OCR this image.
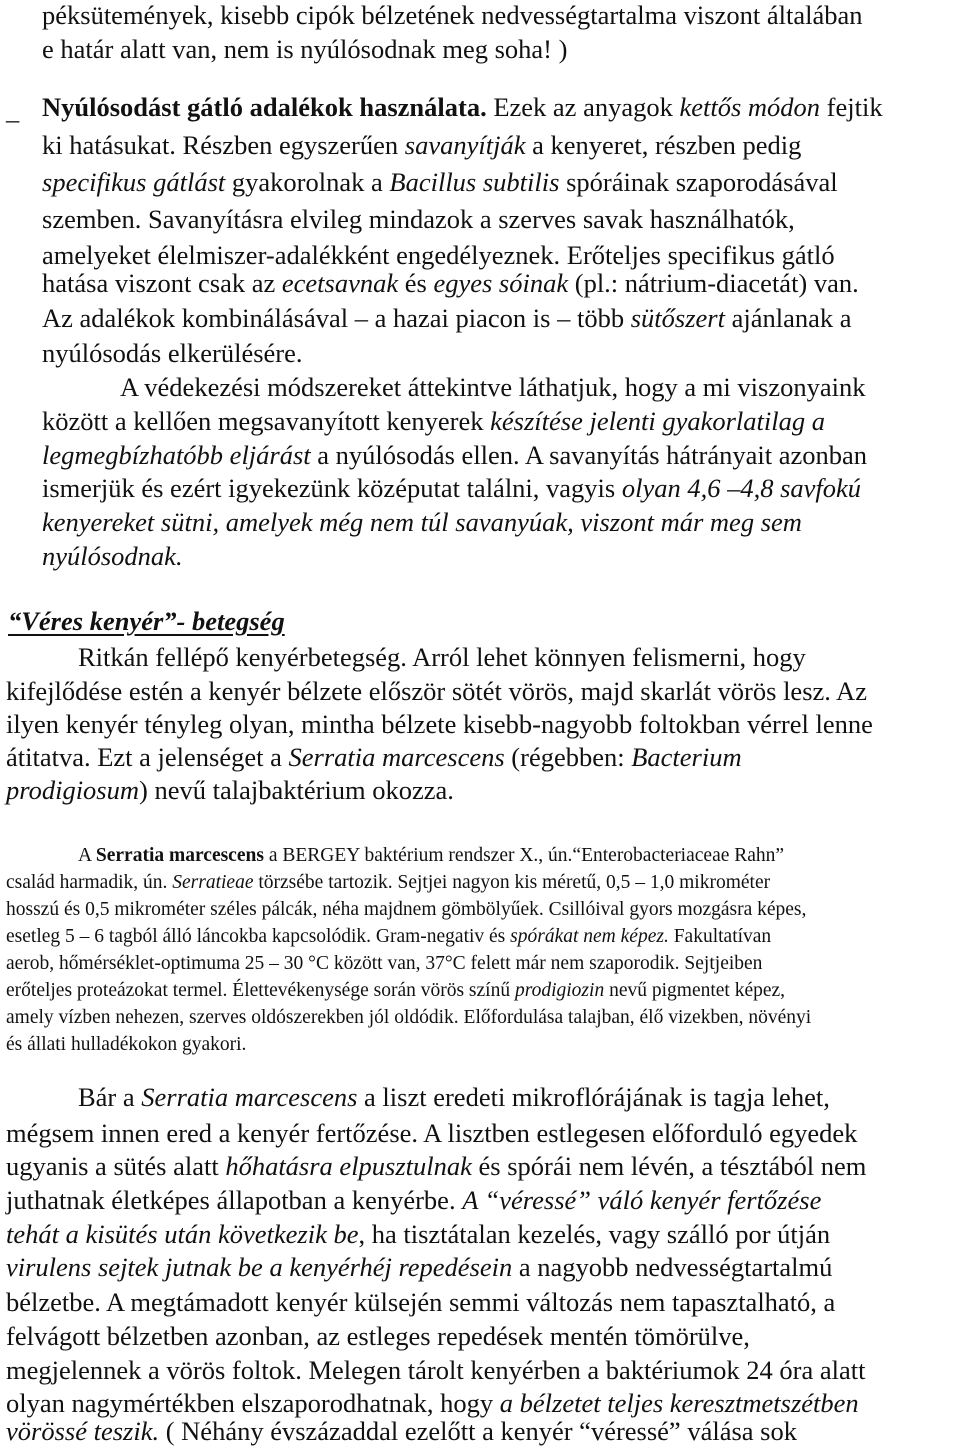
péksütemények, kisebb cipók bélzetének nedvességtartalma viszont általában

e határ alatt van, nem is nyúlósodnak meg soha! )

– Nyúlósodást gátló adalékok használata. Ezek az anyagok kettős módon fejtik

ki hatásukat. Részben egyszerűen savanyítják a kenyeret, részben pedig

specifikus gátlást gyakorolnak a Bacillus subtilis spóráinak szaporodásával

szemben. Savanyításra elvileg mindazok a szerves savak használhatók,

amelyeket élelmiszer-adalékként engedélyeznek. Erőteljes specifikus gátló

hatása viszont csak az ecetsavnak és egyes sóinak (pl.: nátrium-diacetát) van.

Az adalékok kombinálásával – a hazai piacon is – több sütőszert ajánlanak a

nyúlósodás elkerülésére.

A védekezési módszereket áttekintve láthatjuk, hogy a mi viszonyaink

között a kellően megsavanyított kenyerek készítése jelenti gyakorlatilag a

legmegbízhatóbb eljárást a nyúlósodás ellen. A savanyítás hátrányait azonban

ismerjük és ezért igyekezünk középutat találni, vagyis olyan 4,6 –4,8 savfokú

kenyereket sütni, amelyek még nem túl savanyúak, viszont már meg sem

nyúlósodnak.

“Véres kenyér”- betegség

Ritkán fellépő kenyérbetegség. Arról lehet könnyen felismerni, hogy

kifejlődése estén a kenyér bélzete először sötét vörös, majd skarlát vörös lesz. Az

ilyen kenyér tényleg olyan, mintha bélzete kisebb-nagyobb foltokban vérrel lenne

átitatva. Ezt a jelenséget a Serratia marcescens (régebben: Bacterium

prodigiosum) nevű talajbaktérium okozza.

A Serratia marcescens a BERGEY baktérium rendszer X., ún.“Enterobacteriaceae Rahn”

család harmadik, ún. Serratieae törzsébe tartozik. Sejtjei nagyon kis méretű, 0,5 – 1,0 mikrométer

hosszú és 0,5 mikrométer széles pálcák, néha majdnem gömbölyűek. Csillóival gyors mozgásra képes,

esetleg 5 – 6 tagból álló láncokba kapcsolódik. Gram-negativ és spórákat nem képez. Fakultatívan

aerob, hőmérséklet-optimuma 25 – 30 °C között van, 37°C felett már nem szaporodik. Sejtjeiben

erőteljes proteázokat termel. Élettevékenysége során vörös színű prodigiozin nevű pigmentet képez,

amely vízben nehezen, szerves oldószerekben jól oldódik. Előfordulása talajban, élő vizekben, növényi

és állati hulladékokon gyakori.

Bár a Serratia marcescens a liszt eredeti mikroflórájának is tagja lehet,

mégsem innen ered a kenyér fertőzése. A lisztben estlegesen előforduló egyedek

ugyanis a sütés alatt hőhatásra elpusztulnak és spórái nem lévén, a tésztából nem

juthatnak életképes állapotban a kenyérbe. A “véressé” váló kenyér fertőzése

tehát a kisütés után következik be, ha tisztátalan kezelés, vagy szálló por útján

virulens sejtek jutnak be a kenyérhéj repedésein a nagyobb nedvességtartalmú

bélzetbe. A megtámadott kenyér külsején semmi változás nem tapasztalható, a

felvágott bélzetben azonban, az estleges repedések mentén tömörülve,

megjelennek a vörös foltok. Melegen tárolt kenyérben a baktériumok 24 óra alatt

olyan nagymértékben elszaporodhatnak, hogy a bélzetet teljes keresztmetszétben

vörössé teszik. ( Néhány évszázaddal ezelőtt a kenyér “véressé” válása sok
